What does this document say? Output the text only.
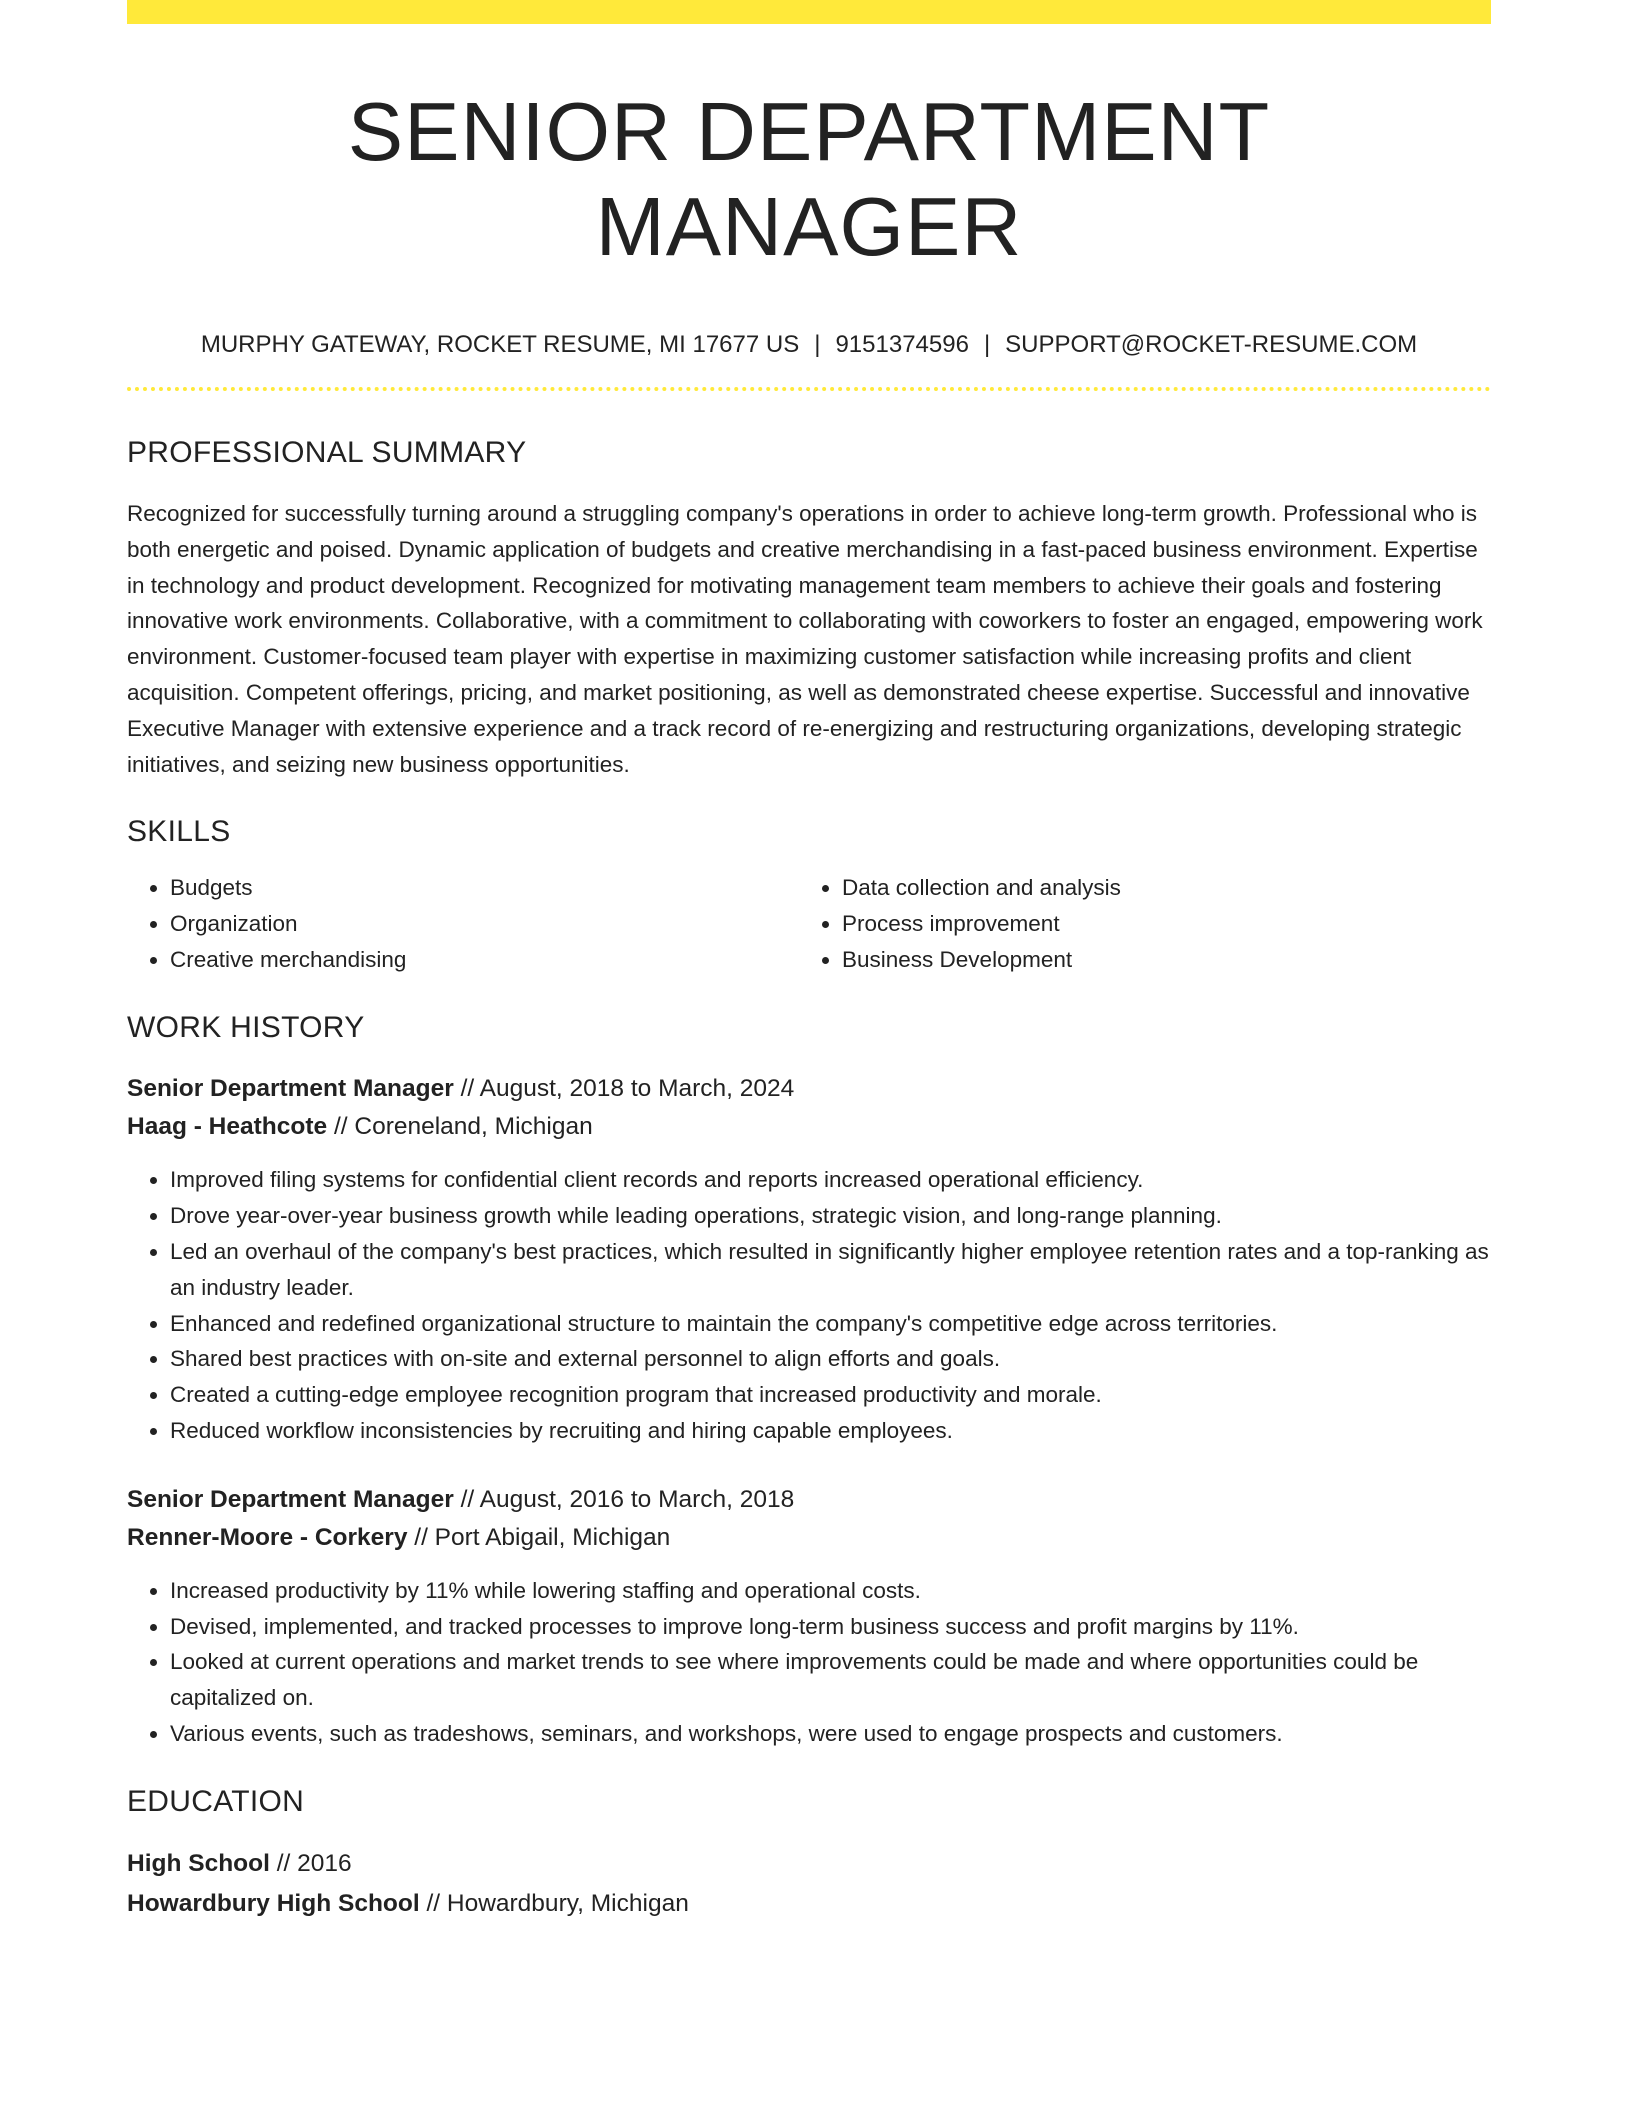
SENIOR DEPARTMENT MANAGER
MURPHY GATEWAY, ROCKET RESUME, MI 17677 US | 9151374596 | SUPPORT@ROCKET-RESUME.COM
PROFESSIONAL SUMMARY

Recognized for successfully turning around a struggling company's operations in order to achieve long-term growth. Professional who is both energetic and poised. Dynamic application of budgets and creative merchandising in a fast-paced business environment. Expertise in technology and product development. Recognized for motivating management team members to achieve their goals and fostering innovative work environments. Collaborative, with a commitment to collaborating with coworkers to foster an engaged, empowering work environment. Customer-focused team player with expertise in maximizing customer satisfaction while increasing profits and client acquisition. Competent offerings, pricing, and market positioning, as well as demonstrated cheese expertise. Successful and innovative Executive Manager with extensive experience and a track record of re-energizing and restructuring organizations, developing strategic initiatives, and seizing new business opportunities.

SKILLS
• Budgets
• Organization
• Creative merchandising
• Data collection and analysis
• Process improvement
• Business Development
WORK HISTORY
Senior Department Manager // August, 2018 to March, 2024
Haag - Heathcote // Coreneland, Michigan
• Improved filing systems for confidential client records and reports increased operational efficiency.
• Drove year-over-year business growth while leading operations, strategic vision, and long-range planning.
• Led an overhaul of the company's best practices, which resulted in significantly higher employee retention rates and a top-ranking as an industry leader.
• Enhanced and redefined organizational structure to maintain the company's competitive edge across territories.
• Shared best practices with on-site and external personnel to align efforts and goals.
• Created a cutting-edge employee recognition program that increased productivity and morale.
• Reduced workflow inconsistencies by recruiting and hiring capable employees.
Senior Department Manager // August, 2016 to March, 2018
Renner-Moore - Corkery // Port Abigail, Michigan
• Increased productivity by 11% while lowering staffing and operational costs.
• Devised, implemented, and tracked processes to improve long-term business success and profit margins by 11%.
• Looked at current operations and market trends to see where improvements could be made and where opportunities could be capitalized on.
• Various events, such as tradeshows, seminars, and workshops, were used to engage prospects and customers.
EDUCATION
High School // 2016
Howardbury High School // Howardbury, Michigan
